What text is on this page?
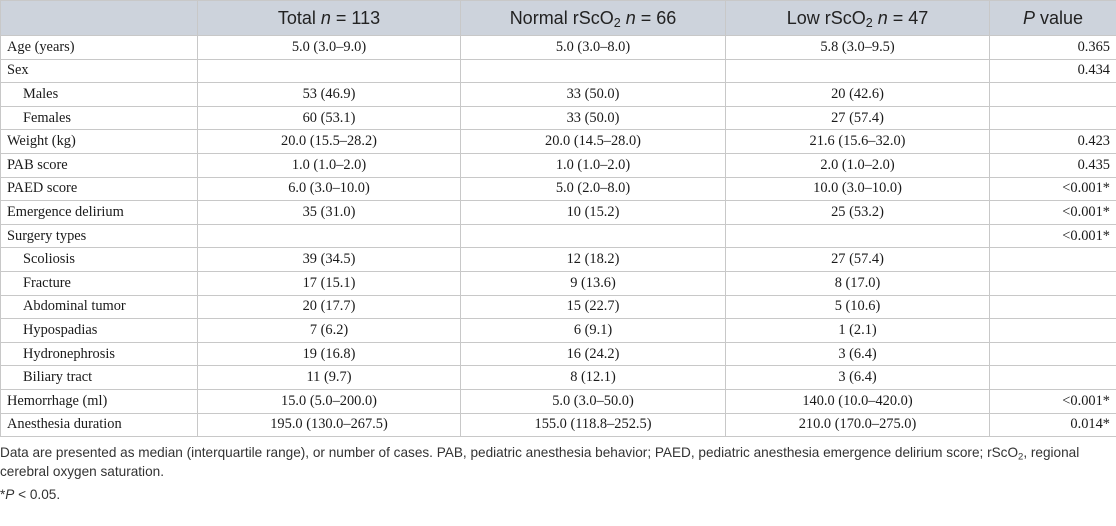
	Total n = 113	Normal rScO$_2$ n = 66	Low rScO$_2$ n = 47	P value
Age (years)	5.0 (3.0–9.0)	5.0 (3.0–8.0)	5.8 (3.0–9.5)	0.365
Sex				0.434
Males	53 (46.9)	33 (50.0)	20 (42.6)	
Females	60 (53.1)	33 (50.0)	27 (57.4)	
Weight (kg)	20.0 (15.5–28.2)	20.0 (14.5–28.0)	21.6 (15.6–32.0)	0.423
PAB score	1.0 (1.0–2.0)	1.0 (1.0–2.0)	2.0 (1.0–2.0)	0.435
PAED score	6.0 (3.0–10.0)	5.0 (2.0–8.0)	10.0 (3.0–10.0)	<0.001*
Emergence delirium	35 (31.0)	10 (15.2)	25 (53.2)	<0.001*
Surgery types				<0.001*
Scoliosis	39 (34.5)	12 (18.2)	27 (57.4)	
Fracture	17 (15.1)	9 (13.6)	8 (17.0)	
Abdominal tumor	20 (17.7)	15 (22.7)	5 (10.6)	
Hypospadias	7 (6.2)	6 (9.1)	1 (2.1)	
Hydronephrosis	19 (16.8)	16 (24.2)	3 (6.4)	
Biliary tract	11 (9.7)	8 (12.1)	3 (6.4)	
Hemorrhage (ml)	15.0 (5.0–200.0)	5.0 (3.0–50.0)	140.0 (10.0–420.0)	<0.001*
Anesthesia duration	195.0 (130.0–267.5)	155.0 (118.8–252.5)	210.0 (170.0–275.0)	0.014*

Data are presented as median (interquartile range), or number of cases. PAB, pediatric anesthesia behavior; PAED, pediatric anesthesia emergence delirium score; rScO$_2$, regional cerebral oxygen saturation.

*P < 0.05.
